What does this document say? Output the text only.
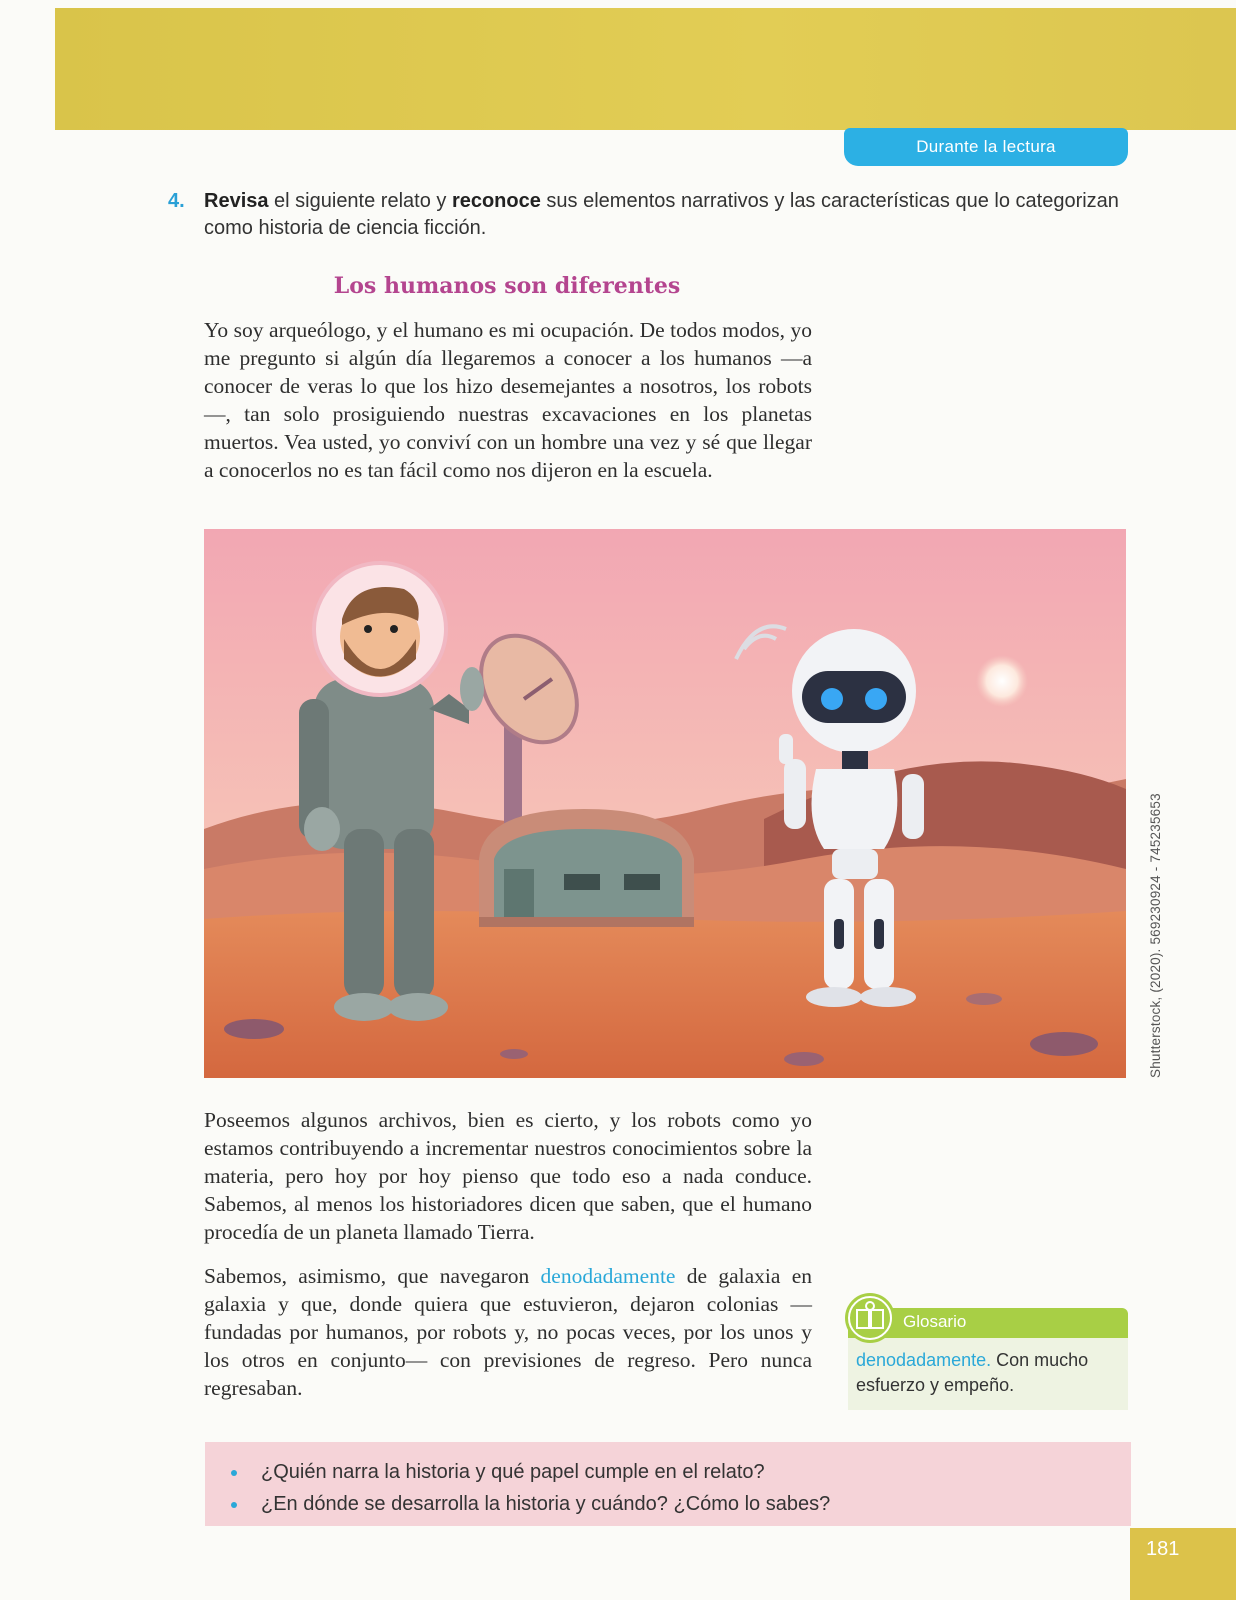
Durante la lectura
4. Revisa el siguiente relato y reconoce sus elementos narrativos y las características que lo categorizan como historia de ciencia ficción.
Los humanos son diferentes
Yo soy arqueólogo, y el humano es mi ocupación. De todos modos, yo me pregunto si algún día llegaremos a conocer a los humanos —a conocer de veras lo que los hizo desemejantes a nosotros, los robots—, tan solo prosiguiendo nuestras excavaciones en los planetas muertos. Vea usted, yo conviví con un hombre una vez y sé que llegar a conocerlos no es tan fácil como nos dijeron en la escuela.
Shutterstock, (2020). 569230924 - 745235653
Poseemos algunos archivos, bien es cierto, y los robots como yo estamos contribuyendo a incrementar nuestros conocimientos sobre la materia, pero hoy por hoy pienso que todo eso a nada conduce. Sabemos, al menos los historiadores dicen que saben, que el humano procedía de un planeta llamado Tierra.
Sabemos, asimismo, que navegaron denodadamente de galaxia en galaxia y que, donde quiera que estuvieron, dejaron colonias —fundadas por humanos, por robots y, no pocas veces, por los unos y los otros en conjunto— con previsiones de regreso. Pero nunca regresaban.
Glosario
denodadamente. Con mucho esfuerzo y empeño.
¿Quién narra la historia y qué papel cumple en el relato?
¿En dónde se desarrolla la historia y cuándo? ¿Cómo lo sabes?
181
